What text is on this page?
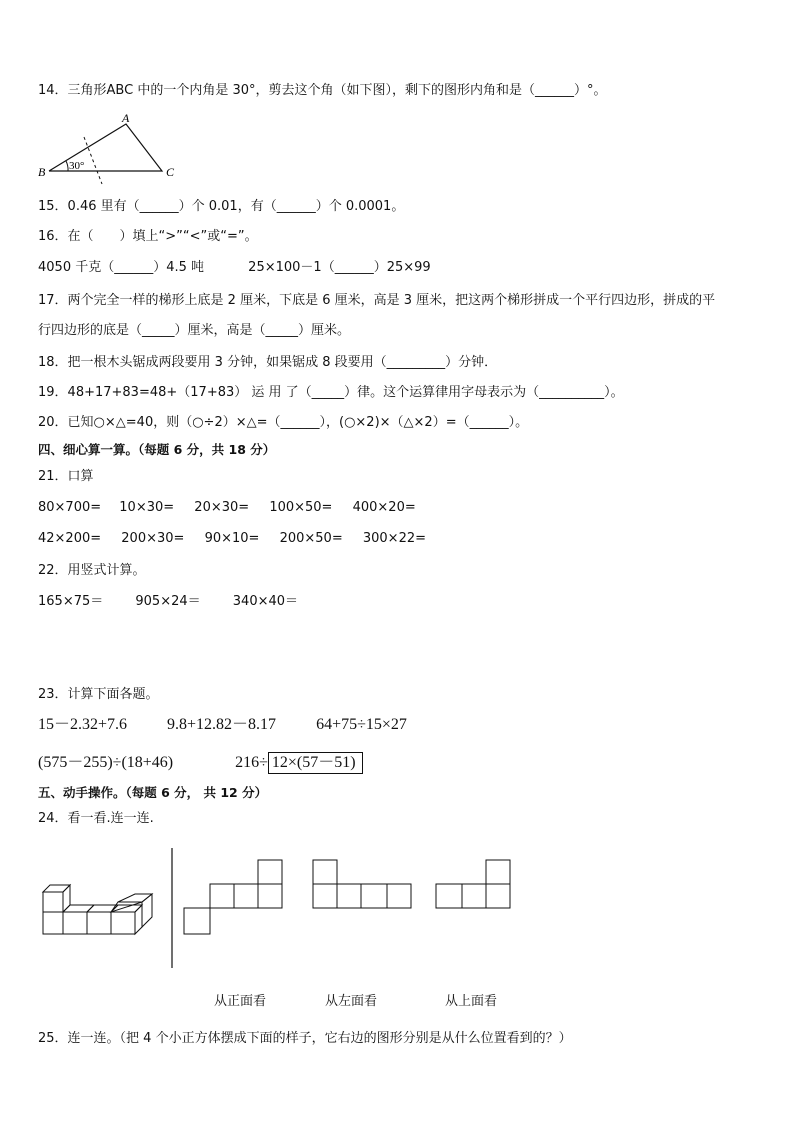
14．三角形ABC 中的一个内角是 30°，剪去这个角（如下图），剩下的图形内角和是（______）°。
B
A
C
30°
15．0.46 里有（______）个 0.01，有（______）个 0.0001。
16．在（　　）填上“>”“<”或“=”。
4050 千克（______）4.5 吨	25×100－1（______）25×99
17．两个完全一样的梯形上底是 2 厘米，下底是 6 厘米，高是 3 厘米，把这两个梯形拼成一个平行四边形，拼成的平
行四边形的底是（_____）厘米，高是（_____）厘米。
18．把一根木头锯成两段要用 3 分钟，如果锯成 8 段要用（_________）分钟．
19．48+17+83=48+（17+83） 运 用 了（_____）律。这个运算律用字母表示为（__________）。
20．已知○×△=40，则（○÷2）×△=（______），(○×2)×（△×2）=（______）。
四、细心算一算。（每题 6 分，共 18 分）
21．口算
80×700= 10×30= 20×30= 100×50= 400×20=
42×200= 200×30= 90×10= 200×50= 300×22=
22．用竖式计算。
165×75＝ 905×24＝ 340×40＝
23．计算下面各题。
15－2.32+7.6	9.8+12.82－8.17	64+75÷15×27
(575－255)÷(18+46)	216÷ 12×(57－51)
五、动手操作。（每题 6 分， 共 12 分）
24．看一看.连一连.
从正面看	从左面看	从上面看
25．连一连。（把 4 个小正方体摆成下面的样子，它右边的图形分别是从什么位置看到的？）
